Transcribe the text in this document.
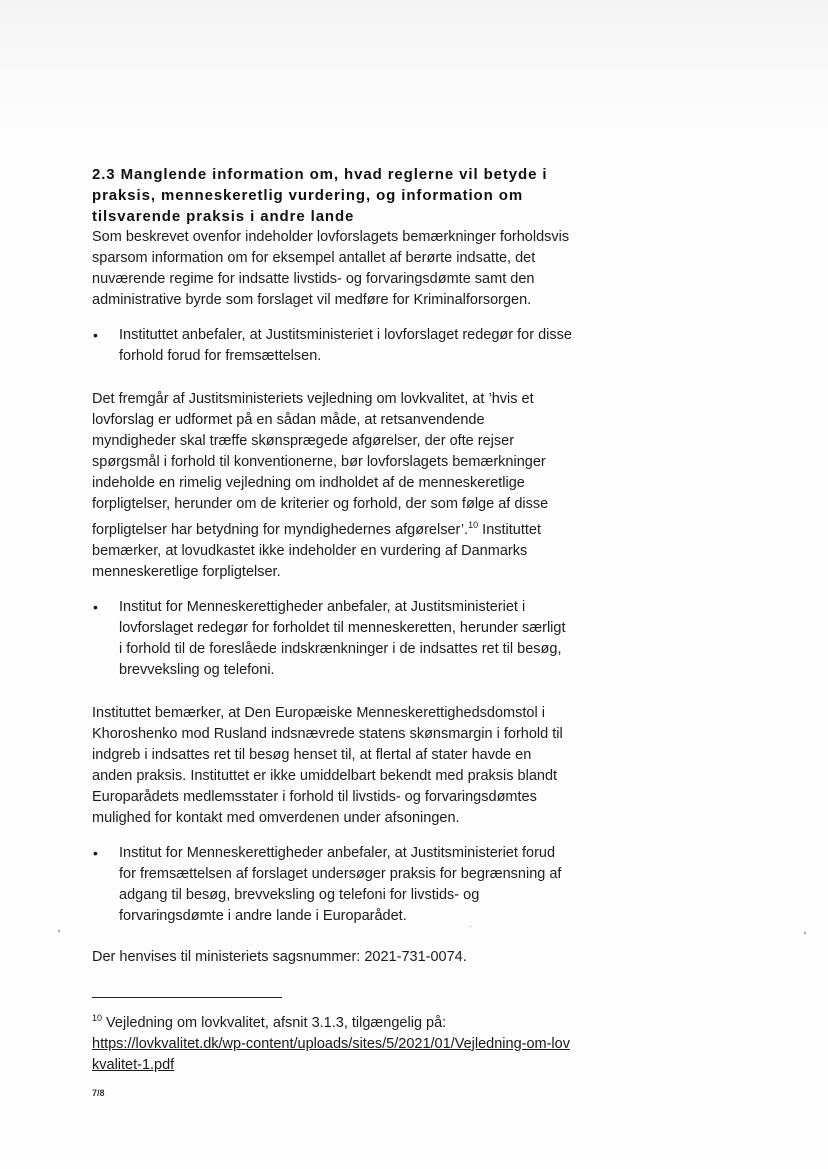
2.3 Manglende information om, hvad reglerne vil betyde i praksis, menneskeretlig vurdering, og information om tilsvarende praksis i andre lande

Som beskrevet ovenfor indeholder lovforslagets bemærkninger forholdsvis sparsom information om for eksempel antallet af berørte indsatte, det nuværende regime for indsatte livstids- og forvaringsdømte samt den administrative byrde som forslaget vil medføre for Kriminalforsorgen.

• Instituttet anbefaler, at Justitsministeriet i lovforslaget redegør for disse forhold forud for fremsættelsen.

Det fremgår af Justitsministeriets vejledning om lovkvalitet, at ’hvis et lovforslag er udformet på en sådan måde, at retsanvendende myndigheder skal træffe skønsprægede afgørelser, der ofte rejser spørgsmål i forhold til konventionerne, bør lovforslagets bemærkninger indeholde en rimelig vejledning om indholdet af de menneskeretlige forpligtelser, herunder om de kriterier og forhold, der som følge af disse forpligtelser har betydning for myndighedernes afgørelser’.$^{10}$ Instituttet bemærker, at lovudkastet ikke indeholder en vurdering af Danmarks menneskeretlige forpligtelser.

• Institut for Menneskerettigheder anbefaler, at Justitsministeriet i lovforslaget redegør for forholdet til menneskeretten, herunder særligt i forhold til de foreslåede indskrænkninger i de indsattes ret til besøg, brevveksling og telefoni.

Instituttet bemærker, at Den Europæiske Menneskerettighedsdomstol i Khoroshenko mod Rusland indsnævrede statens skønsmargin i forhold til indgreb i indsattes ret til besøg henset til, at flertal af stater havde en anden praksis. Instituttet er ikke umiddelbart bekendt med praksis blandt Europarådets medlemsstater i forhold til livstids- og forvaringsdømtes mulighed for kontakt med omverdenen under afsoningen.

• Institut for Menneskerettigheder anbefaler, at Justitsministeriet forud for fremsættelsen af forslaget undersøger praksis for begrænsning af adgang til besøg, brevveksling og telefoni for livstids- og forvaringsdømte i andre lande i Europarådet.

Der henvises til ministeriets sagsnummer: 2021-731-0074.

$^{10}$ Vejledning om lovkvalitet, afsnit 3.1.3, tilgængelig på:
https://lovkvalitet.dk/wp-content/uploads/sites/5/2021/01/Vejledning-om-lovkvalitet-1.pdf
7/8
